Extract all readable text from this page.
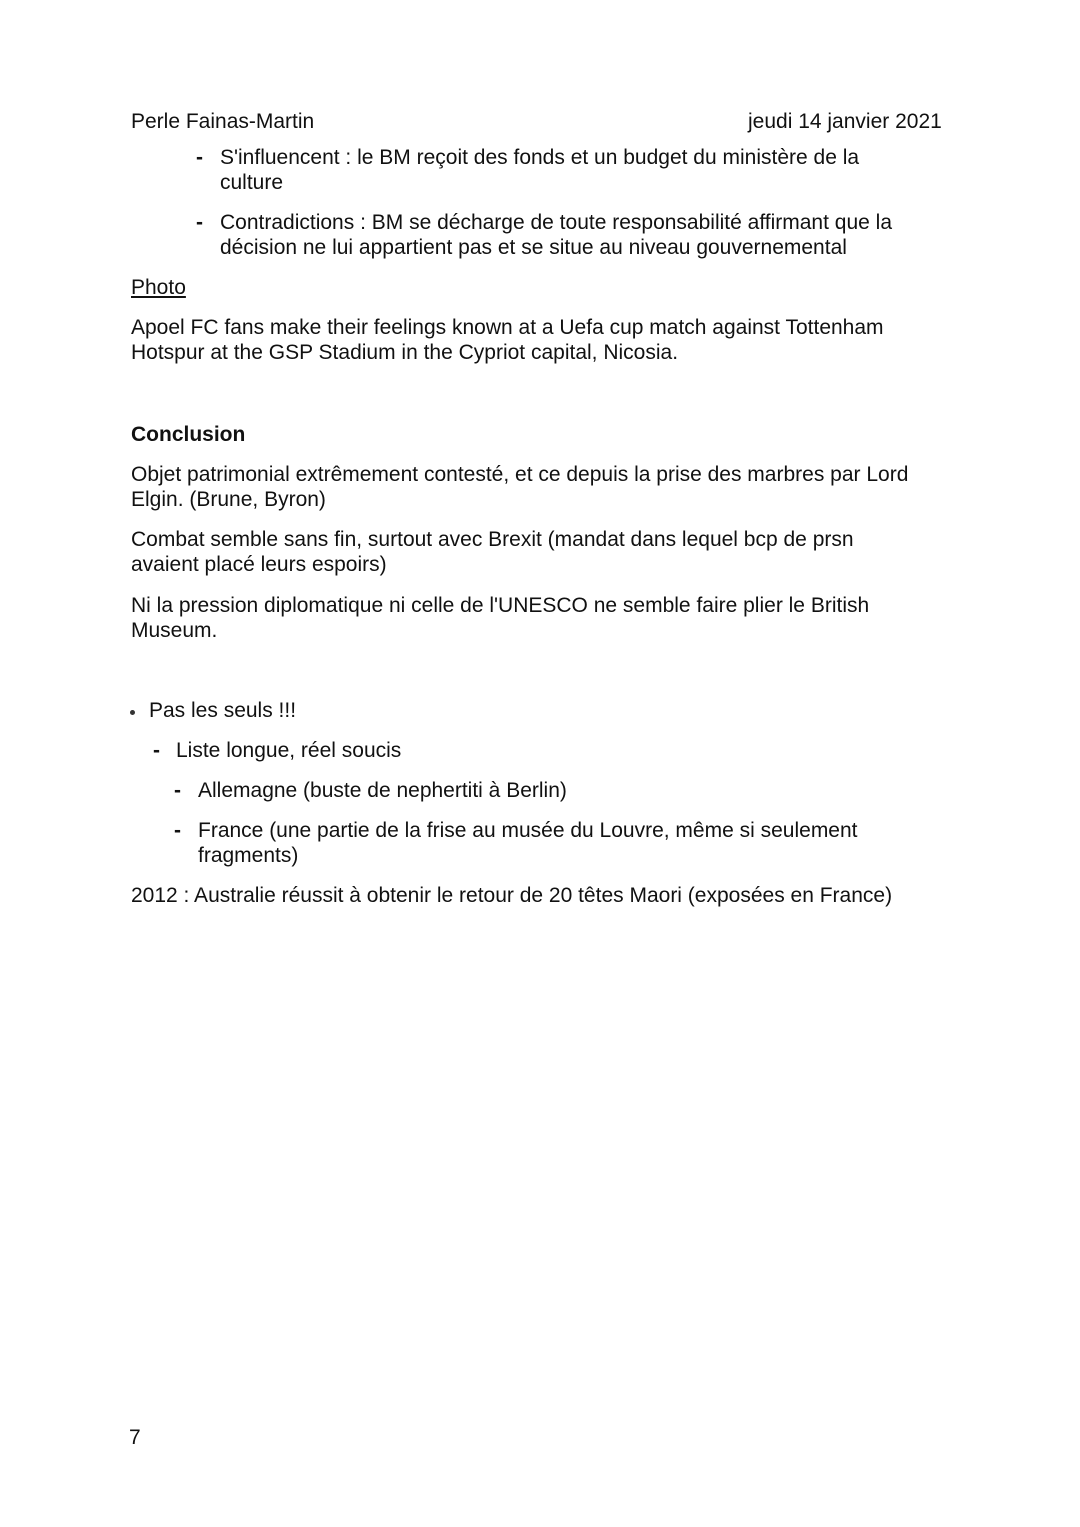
Perle Fainas-Martin	jeudi 14 janvier 2021
- S'influencent : le BM reçoit des fonds et un budget du ministère de la
culture
- Contradictions : BM se décharge de toute responsabilité affirmant que la
décision ne lui appartient pas et se situe au niveau gouvernemental
Photo
Apoel FC fans make their feelings known at a Uefa cup match against Tottenham
Hotspur at the GSP Stadium in the Cypriot capital, Nicosia.
Conclusion
Objet patrimonial extrêmement contesté, et ce depuis la prise des marbres par Lord
Elgin. (Brune, Byron)
Combat semble sans fin, surtout avec Brexit (mandat dans lequel bcp de prsn
avaient placé leurs espoirs)
Ni la pression diplomatique ni celle de l'UNESCO ne semble faire plier le British
Museum.
Pas les seuls !!!
- Liste longue, réel soucis
- Allemagne (buste de nephertiti à Berlin)
- France (une partie de la frise au musée du Louvre, même si seulement
fragments)
2012 : Australie réussit à obtenir le retour de 20 têtes Maori (exposées en France)
7
